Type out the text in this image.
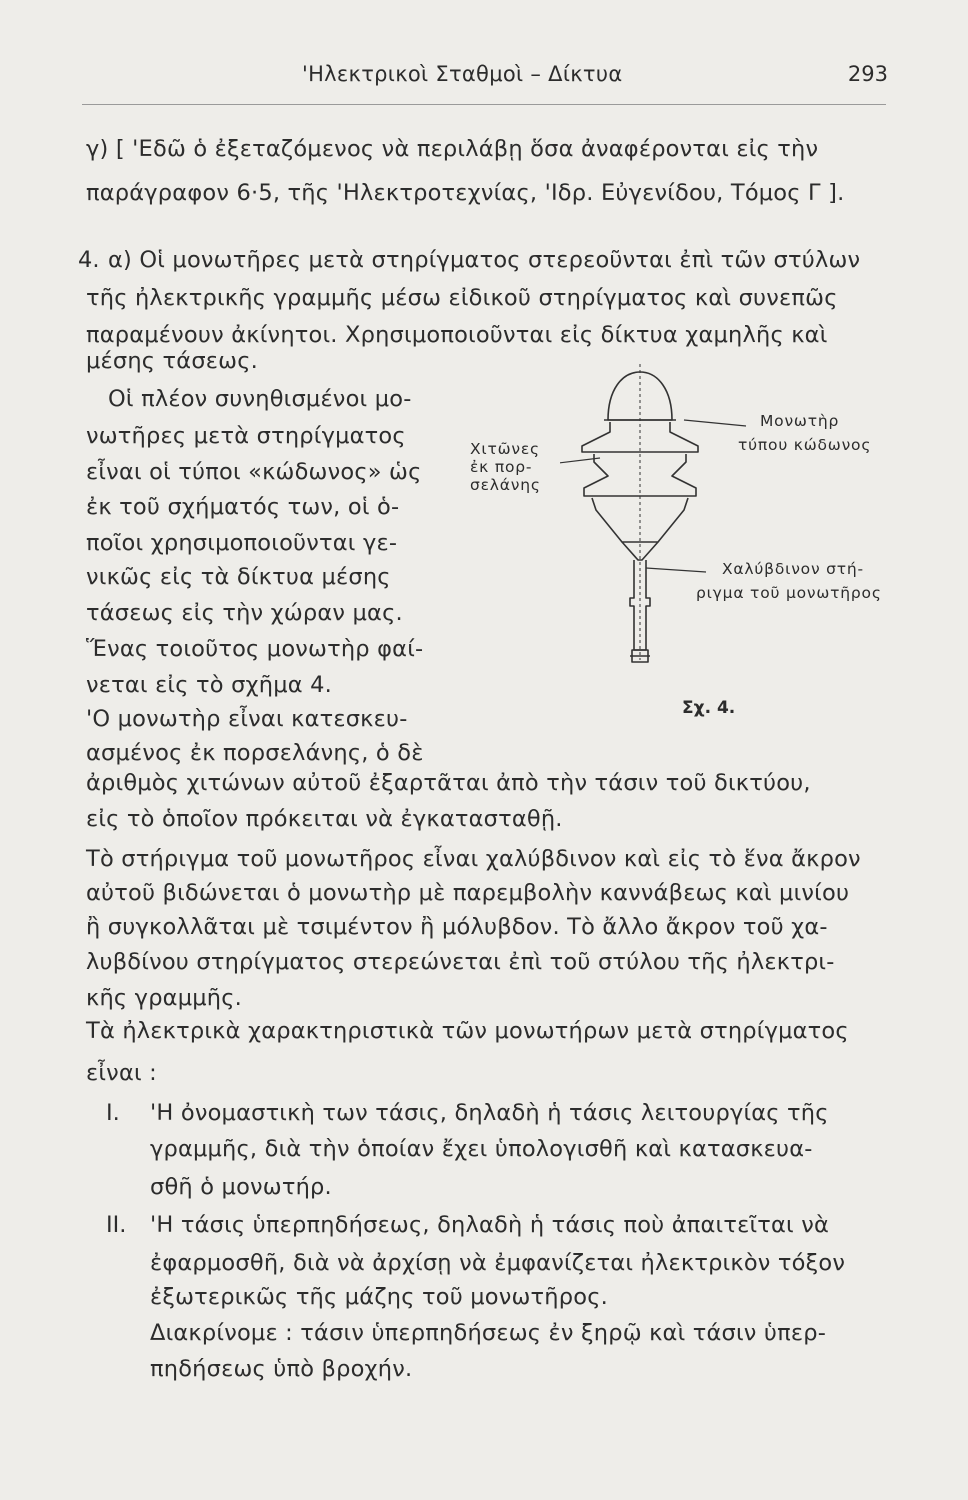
'Ηλεκτρικοὶ Σταθμοὶ – Δίκτυα	293
γ) [ 'Εδῶ ὁ ἐξεταζόμενος νὰ περιλάβῃ ὅσα ἀναφέρονται εἰς τὴν
παράγραφον 6·5, τῆς 'Ηλεκτροτεχνίας, 'Ιδρ. Εὐγενίδου, Τόμος Γ ].
4. α) Οἱ μονωτῆρες μετὰ στηρίγματος στερεοῦνται ἐπὶ τῶν στύλων
τῆς ἠλεκτρικῆς γραμμῆς μέσω εἰδικοῦ στηρίγματος καὶ συνεπῶς
παραμένουν ἀκίνητοι. Χρησιμοποιοῦνται εἰς δίκτυα χαμηλῆς καὶ
μέσης τάσεως.
Οἱ πλέον συνηθισμένοι μο-
νωτῆρες μετὰ στηρίγματος
εἶναι οἱ τύποι «κώδωνος» ὡς
ἐκ τοῦ σχήματός των, οἱ ὁ-
ποῖοι χρησιμοποιοῦνται γε-
νικῶς εἰς τὰ δίκτυα μέσης
τάσεως εἰς τὴν χώραν μας.
Ἕνας τοιοῦτος μονωτὴρ φαί-
νεται εἰς τὸ σχῆμα 4.
'Ο μονωτὴρ εἶναι κατεσκευ-
ασμένος ἐκ πορσελάνης, ὁ δὲ
ἀριθμὸς χιτώνων αὐτοῦ ἐξαρτᾶται ἀπὸ τὴν τάσιν τοῦ δικτύου,
εἰς τὸ ὁποῖον πρόκειται νὰ ἐγκατασταθῇ.
Τὸ στήριγμα τοῦ μονωτῆρος εἶναι χαλύβδινον καὶ εἰς τὸ ἕνα ἄκρον
αὐτοῦ βιδώνεται ὁ μονωτὴρ μὲ παρεμβολὴν καννάβεως καὶ μινίου
ἢ συγκολλᾶται μὲ τσιμέντον ἢ μόλυβδον. Τὸ ἄλλο ἄκρον τοῦ χα-
λυβδίνου στηρίγματος στερεώνεται ἐπὶ τοῦ στύλου τῆς ἠλεκτρι-
κῆς γραμμῆς.
Τὰ ἠλεκτρικὰ χαρακτηριστικὰ τῶν μονωτήρων μετὰ στηρίγματος
εἶναι :
I. 'Η ὀνομαστικὴ των τάσις, δηλαδὴ ἡ τάσις λειτουργίας τῆς
γραμμῆς, διὰ τὴν ὁποίαν ἔχει ὑπολογισθῆ καὶ κατασκευα-
σθῆ ὁ μονωτήρ.
II. 'Η τάσις ὑπερπηδήσεως, δηλαδὴ ἡ τάσις ποὺ ἀπαιτεῖται νὰ
ἐφαρμοσθῆ, διὰ νὰ ἀρχίσῃ νὰ ἐμφανίζεται ἠλεκτρικὸν τόξον
ἐξωτερικῶς τῆς μάζης τοῦ μονωτῆρος.
Διακρίνομε : τάσιν ὑπερπηδήσεως ἐν ξηρῷ καὶ τάσιν ὑπερ-
πηδήσεως ὑπὸ βροχήν.
Χιτῶνες
ἐκ πορ-
σελάνης
Μονωτὴρ
τύπου κώδωνος
Χαλύβδινον στή-
ριγμα τοῦ μονωτῆρος
Σχ. 4.
